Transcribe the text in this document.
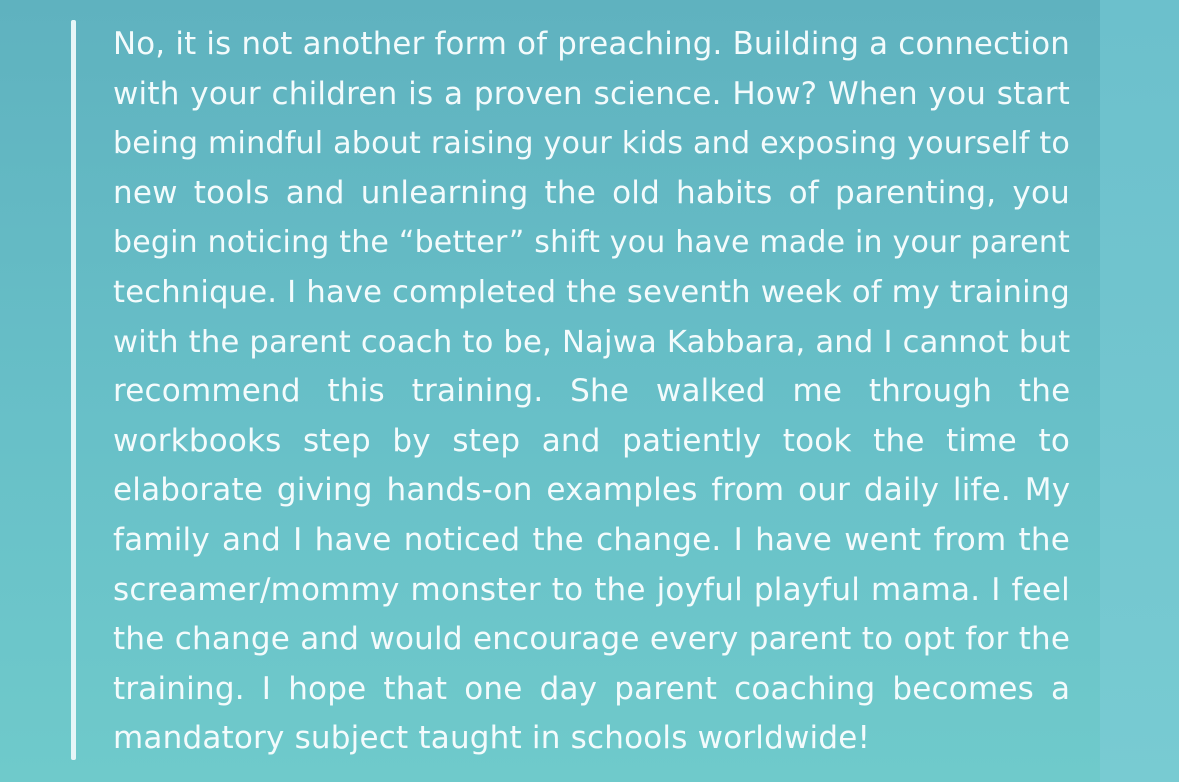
No, it is not another form of preaching. Building a connection
with your children is a proven science. How? When you start
being mindful about raising your kids and exposing yourself to
new tools and unlearning the old habits of parenting, you
begin noticing the “better” shift you have made in your parent
technique. I have completed the seventh week of my training
with the parent coach to be, Najwa Kabbara, and I cannot but
recommend this training. She walked me through the
workbooks step by step and patiently took the time to
elaborate giving hands-on examples from our daily life. My
family and I have noticed the change. I have went from the
screamer/mommy monster to the joyful playful mama. I feel
the change and would encourage every parent to opt for the
training. I hope that one day parent coaching becomes a
mandatory subject taught in schools worldwide!
